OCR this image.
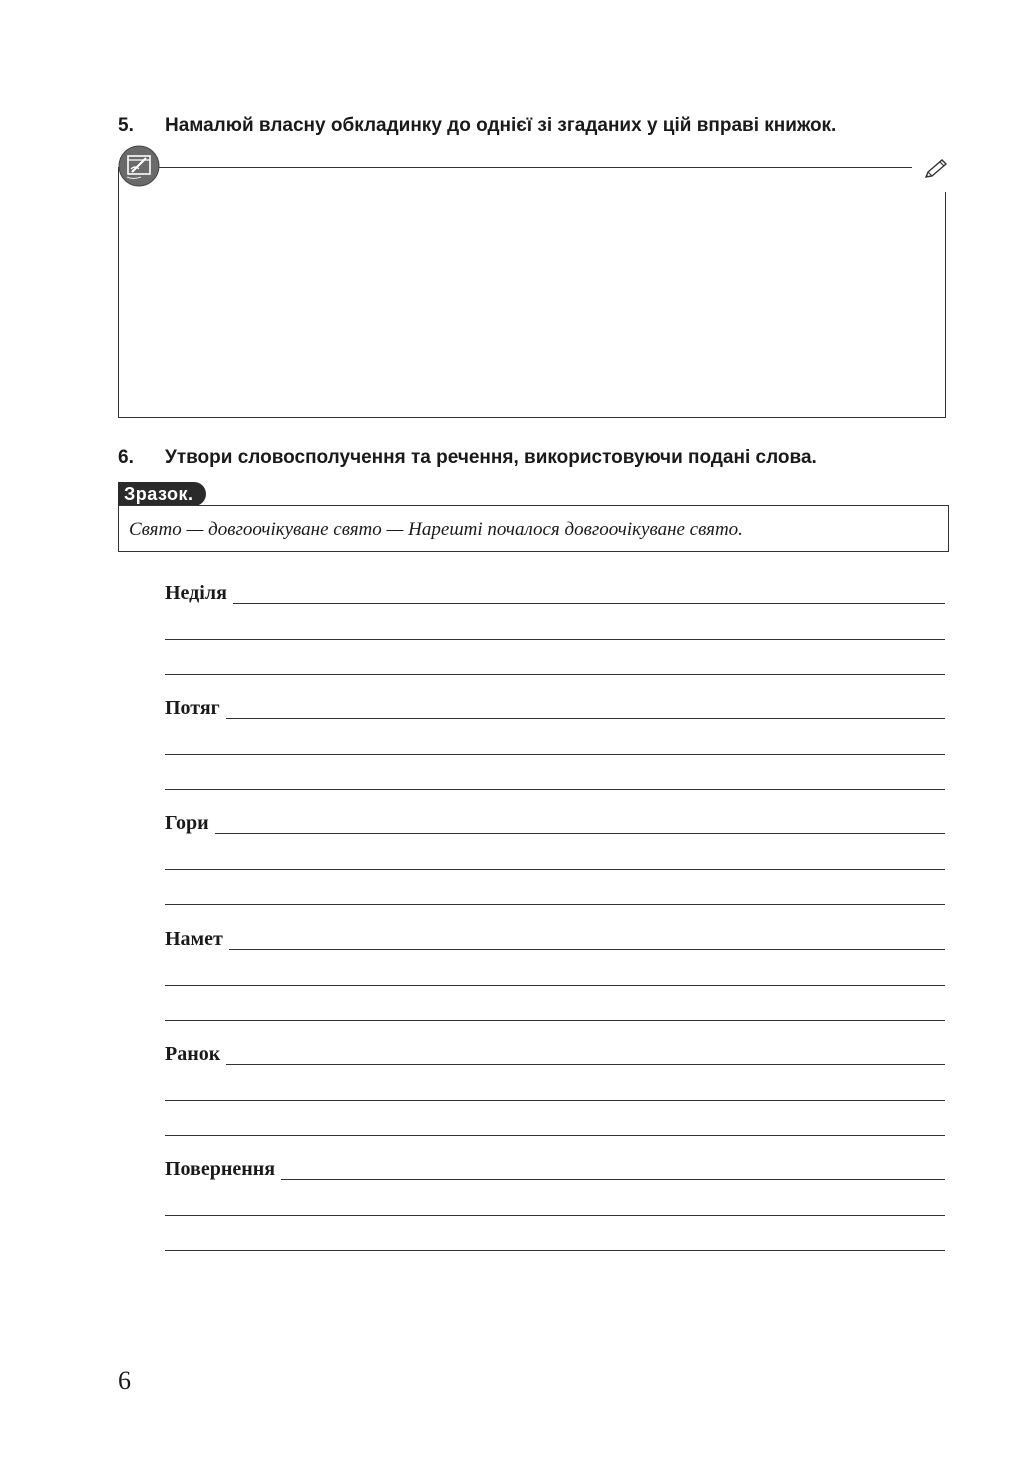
5. Намалюй власну обкладинку до однієї зі згаданих у цій вправі книжок.
6. Утвори словосполучення та речення, використовуючи подані слова.
Зразок.
Свято — довгоочікуване свято — Нарешті почалося довгоочікуване свято.
Неділя
Потяг
Гори
Намет
Ранок
Повернення
6
